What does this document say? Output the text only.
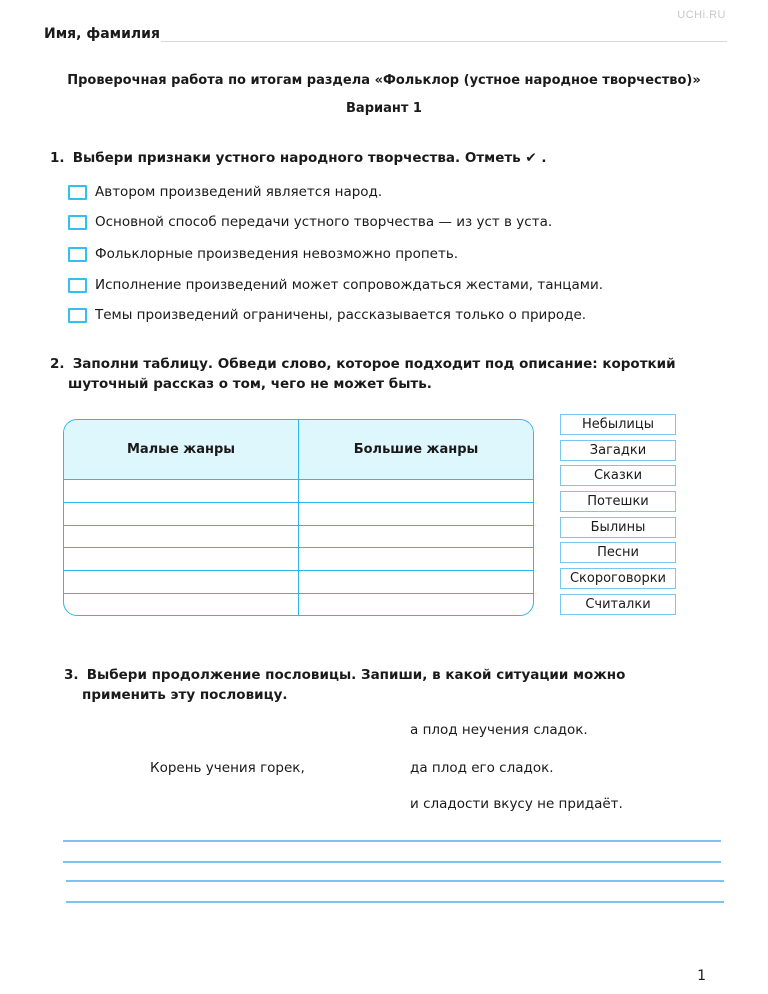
UCHi.RU
Имя, фамилия
Проверочная работа по итогам раздела «Фольклор (устное народное творчество)»
Вариант 1
1. Выбери признаки устного народного творчества. Отметь ✔ .
Автором произведений является народ.
Основной способ передачи устного творчества — из уст в уста.
Фольклорные произведения невозможно пропеть.
Исполнение произведений может сопровождаться жестами, танцами.
Темы произведений ограничены, рассказывается только о природе.
2. Заполни таблицу. Обведи слово, которое подходит под описание: короткий
шуточный рассказ о том, чего не может быть.
Малые жанры	Большие жанры
Небылицы
Загадки
Сказки
Потешки
Былины
Песни
Скороговорки
Считалки
3. Выбери продолжение пословицы. Запиши, в какой ситуации можно
применить эту пословицу.
Корень учения горек,
а плод неучения сладок.
да плод его сладок.
и сладости вкусу не придаёт.
1
